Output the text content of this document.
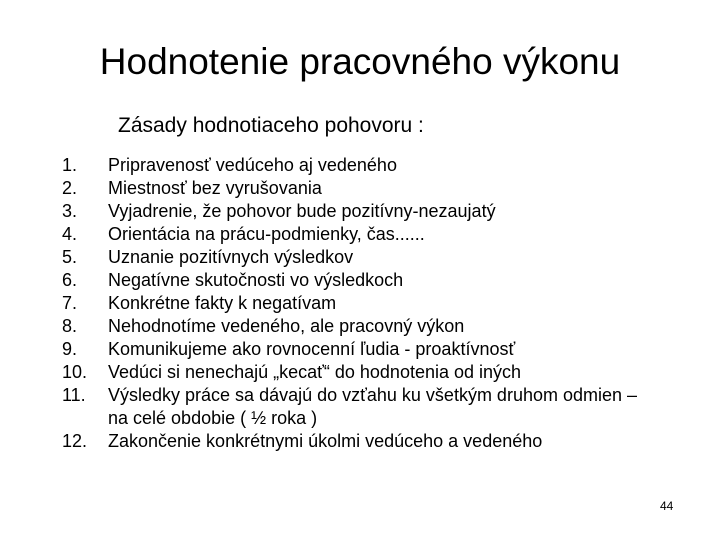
Hodnotenie pracovného výkonu
Zásady hodnotiaceho pohovoru :
1.	Pripravenosť vedúceho aj vedeného
2.	Miestnosť bez vyrušovania
3.	Vyjadrenie, že pohovor bude pozitívny-nezaujatý
4.	Orientácia na prácu-podmienky, čas......
5.	Uznanie pozitívnych výsledkov
6.	Negatívne skutočnosti vo výsledkoch
7.	Konkrétne fakty k negatívam
8.	Nehodnotíme vedeného, ale pracovný výkon
9.	Komunikujeme ako rovnocenní ľudia - proaktívnosť
10.	Vedúci si nenechajú „kecať“ do hodnotenia od iných
11.	Výsledky práce sa dávajú do vzťahu ku všetkým druhom odmien – na celé obdobie ( ½ roka )
12.	Zakončenie konkrétnymi úkolmi vedúceho a vedeného
44
